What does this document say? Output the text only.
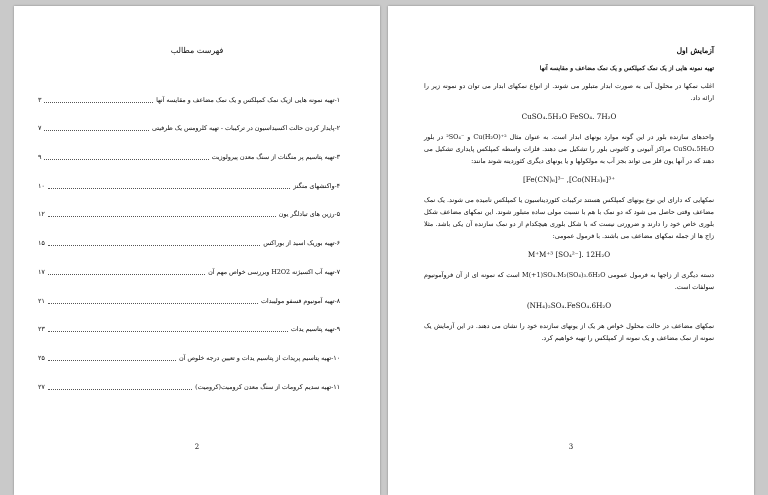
فهرست مطالب
۱-تهیه نمونه هایی ازیک نمک کمپلکس و یک نمک مضاعف و مقایسه آنها
۳
۲-پایدار کردن حالت اکسیداسیون در ترکیبات - تهیه کلرومس یک ظرفیتی
۷
۳-تهیه پتاسیم پر منگنات از سنگ معدن پیرولوزیت
۹
۴-واکنشهای منگنز
۱۰
۵-رزین های تبادلگر یون
۱۲
۶-تهیه بوریک اسید از بوراکس
۱۵
۷-تهیه آب اکسیژنه H2O2 وبررسی خواص مهم آن
۱۷
۸-تهیه آمونیوم فسفو مولیبدات
۲۱
۹-تهیه پتاسیم یدات
۲۳
۱۰-تهیه پتاسیم پریدات از پتاسیم یدات و تعیین درجه خلوص آن
۲۵
۱۱-تهیه سدیم کرومات از سنگ معدن کرومیت(کرومیت)
۲۷
2
آزمایش اول
تهیه نمونه هایی از یک نمک کمپلکس و یک نمک مضاعف و مقایسه آنها

اغلب نمکها در محلول آبی به صورت ابدار متبلور می شوند. از انواع نمکهای ابدار می توان دو نمونه زیر را ارائه داد.

CuSO₄.5H₂O FeSO₄. 7H₂O

واحدهای سازنده بلور در این گونه موارد یونهای ابدار است. به عنوان مثال ²⁺Cu(H₂O) و ⁻²SO₄ در بلور CuSO₄.5H₂O مراکز آنیونی و کاتیونی بلور را تشکیل می دهند. فلزات واسطه کمپلکس پایداری تشکیل می دهند که در آنها یون فلز می تواند بجز آب به مولکولها و یا یونهای دیگری کئوردینه شوند مانند:

[Fe(CN)₆]³⁻ ,[Co(NH₃)₆]³⁺

نمکهایی که دارای این نوع یونهای کمپلکس هستند ترکیبات کئوردیناسیون یا کمپلکس نامیده می شوند. یک نمک مضاعف وقتی حاصل می شود که دو نمک با هم با نسبت مولی ساده متبلور شوند. این نمکهای مضاعف شکل بلوری خاص خود را دارند و ضرورتی نیست که با شکل بلوری هیچکدام از دو نمک سازنده آن یکی باشد. مثلا زاج ها از جمله نمکهای مضاعف می باشند. با فرمول عمومی:

M⁺M⁺³ [SO₄²⁻]. 12H₂O

دسته دیگری از زاجها به فرمول عمومی M(+1)SO₄.M₂(SO₄)₃.6H₂O است که نمونه ای از آن فروآمونیوم سولفات است.

(NH₄)₂SO₄.FeSO₄.6H₂O

نمکهای مضاعف در حالت محلول خواص هر یک از یونهای سازنده خود را نشان می دهند. در این آزمایش یک نمونه از نمک مضاعف و یک نمونه از کمپلکس را تهیه خواهیم کرد.

3
